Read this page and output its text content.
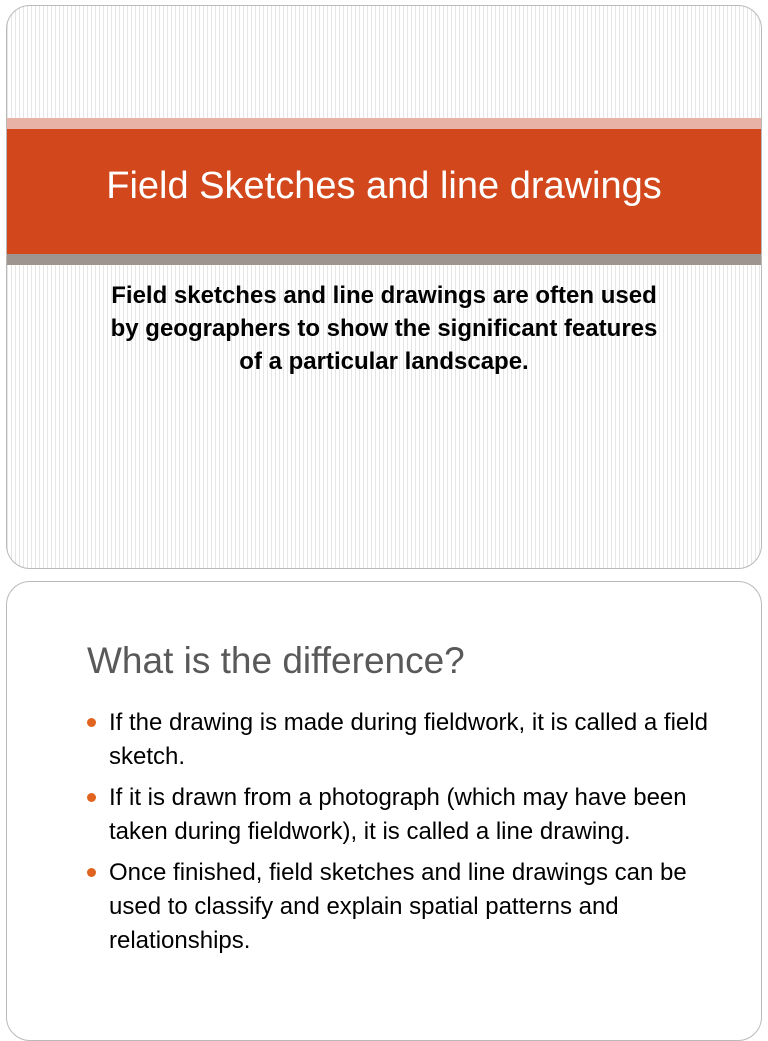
Field Sketches and line drawings

Field sketches and line drawings are often used by geographers to show the significant features of a particular landscape.

What is the difference?
If the drawing is made during fieldwork, it is called a field sketch.
If it is drawn from a photograph (which may have been taken during fieldwork), it is called a line drawing.
Once finished, field sketches and line drawings can be used to classify and explain spatial patterns and relationships.
